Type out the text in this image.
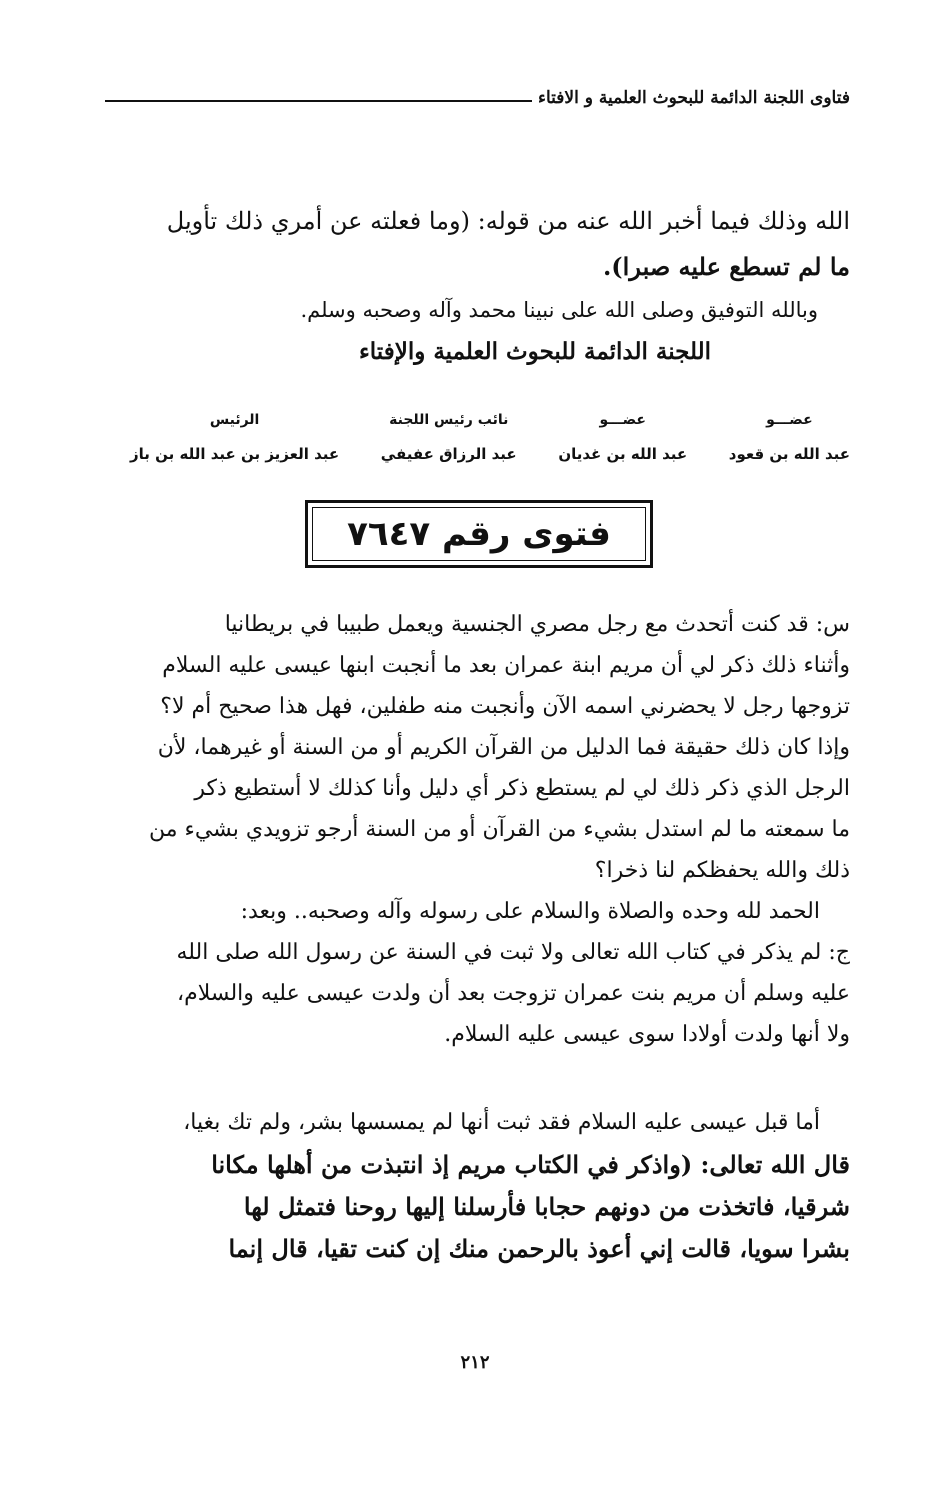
فتاوى اللجنة الدائمة للبحوث العلمية و الافتاء

الله وذلك فيما أخبر الله عنه من قوله: (وما فعلته عن أمري ذلك تأويل

ما لم تسطع عليه صبرا).

وبالله التوفيق وصلى الله على نبينا محمد وآله وصحبه وسلم.

اللجنة الدائمة للبحوث العلمية والإفتاء

عضـــو
عبد الله بن قعود
عضـــو
عبد الله بن غديان
نائب رئيس اللجنة
عبد الرزاق عفيفي
الرئيس
عبد العزيز بن عبد الله بن باز
فتوى رقم ٧٦٤٧

س: قد كنت أتحدث مع رجل مصري الجنسية ويعمل طبيبا في بريطانيا

وأثناء ذلك ذكر لي أن مريم ابنة عمران بعد ما أنجبت ابنها عيسى عليه السلام

تزوجها رجل لا يحضرني اسمه الآن وأنجبت منه طفلين، فهل هذا صحيح أم لا؟

وإذا كان ذلك حقيقة فما الدليل من القرآن الكريم أو من السنة أو غيرهما، لأن

الرجل الذي ذكر ذلك لي لم يستطع ذكر أي دليل وأنا كذلك لا أستطيع ذكر

ما سمعته ما لم استدل بشيء من القرآن أو من السنة أرجو تزويدي بشيء من

ذلك والله يحفظكم لنا ذخرا؟

الحمد لله وحده والصلاة والسلام على رسوله وآله وصحبه.. وبعد:

ج: لم يذكر في كتاب الله تعالى ولا ثبت في السنة عن رسول الله صلى الله

عليه وسلم أن مريم بنت عمران تزوجت بعد أن ولدت عيسى عليه والسلام،

ولا أنها ولدت أولادا سوى عيسى عليه السلام.

أما قبل عيسى عليه السلام فقد ثبت أنها لم يمسسها بشر، ولم تك بغيا،

قال الله تعالى: (واذكر في الكتاب مريم إذ انتبذت من أهلها مكانا

شرقيا، فاتخذت من دونهم حجابا فأرسلنا إليها روحنا فتمثل لها

بشرا سويا، قالت إني أعوذ بالرحمن منك إن كنت تقيا، قال إنما

٢١٢
